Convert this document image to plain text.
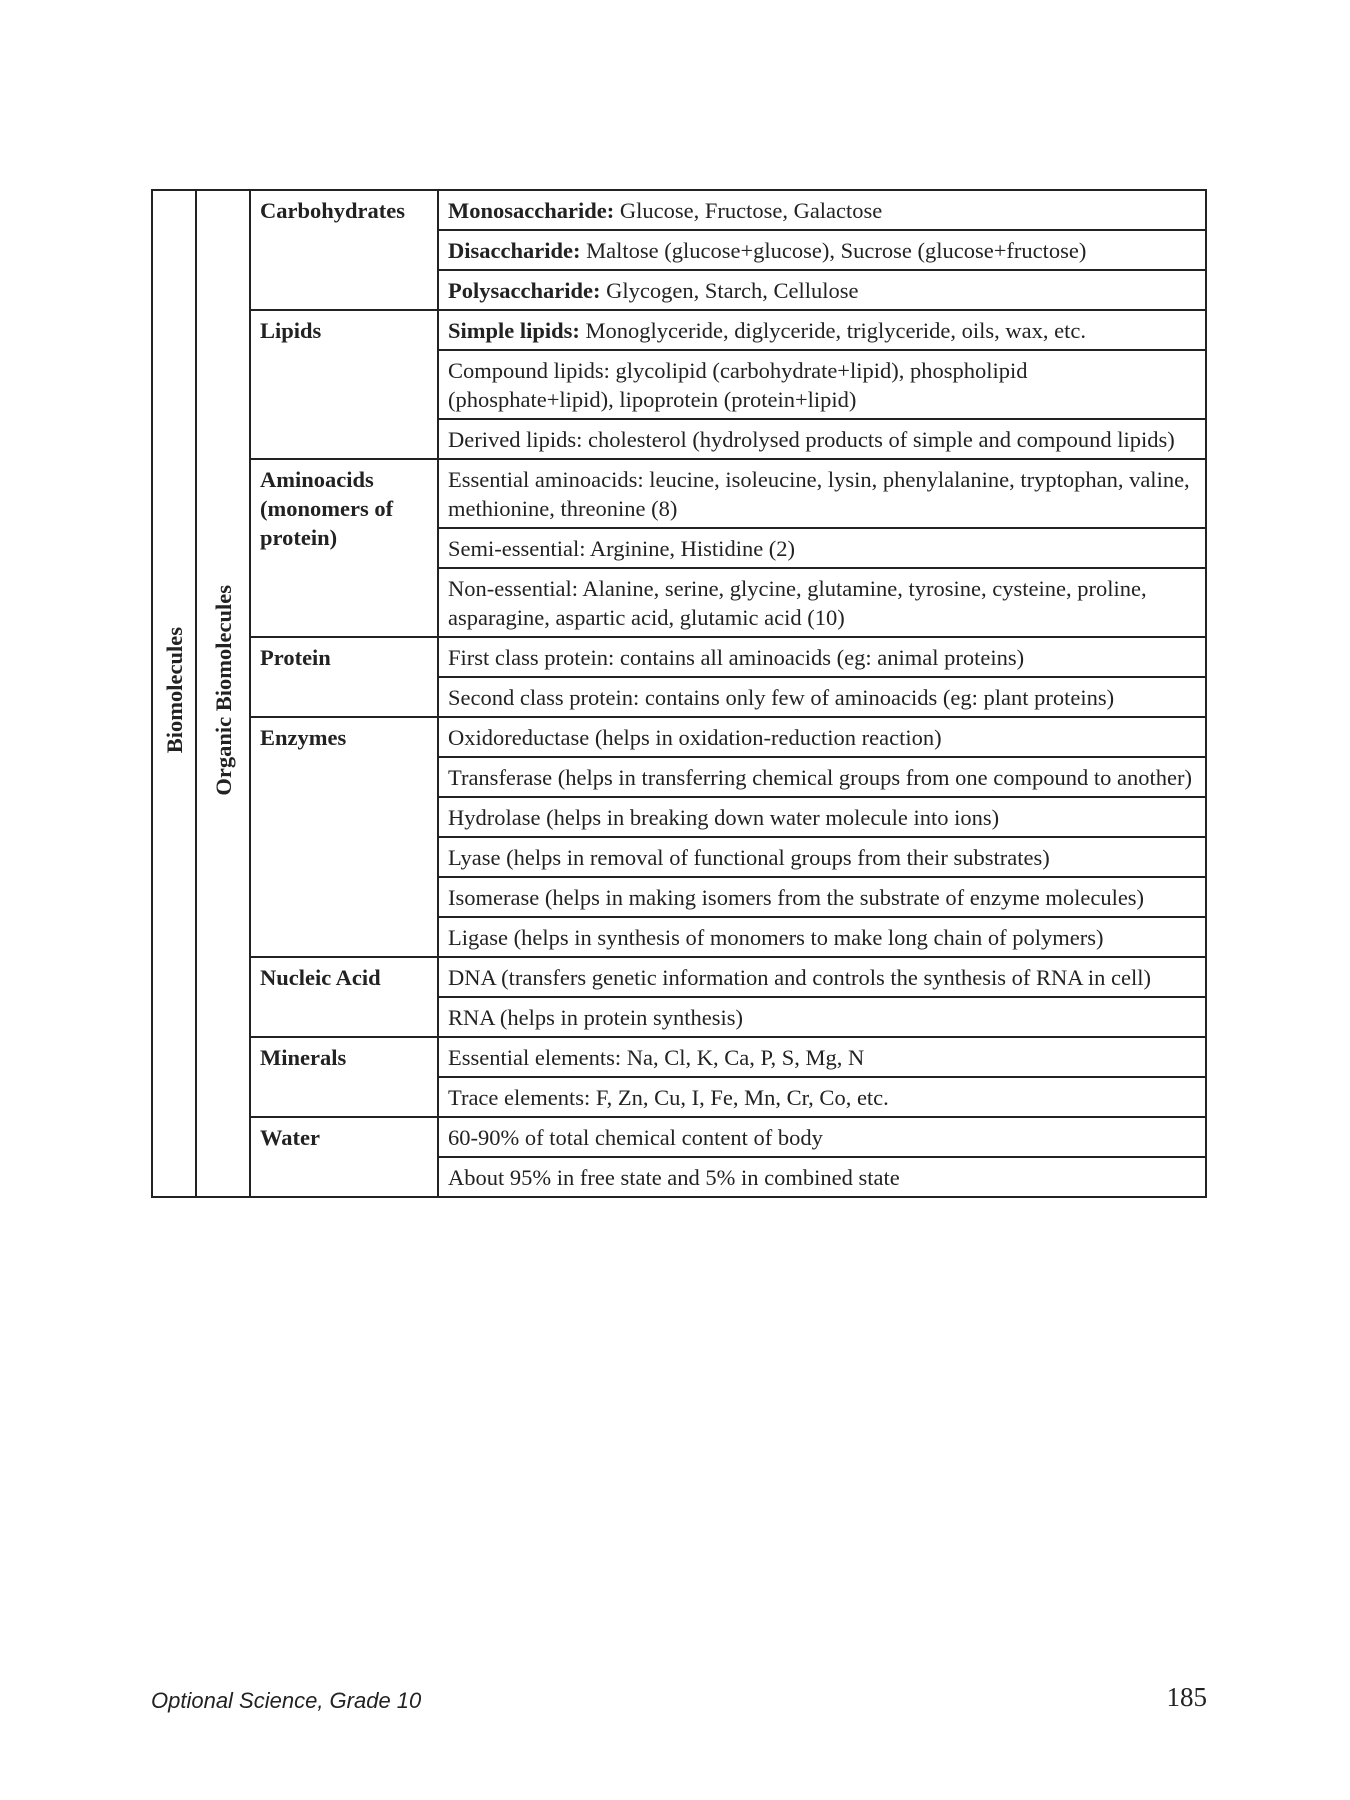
Biomolecules	Organic Biomolecules	Carbohydrates	Monosaccharide: Glucose, Fructose, Galactose
			Disaccharide: Maltose (glucose+glucose), Sucrose (glucose+fructose)
			Polysaccharide: Glycogen, Starch, Cellulose
		Lipids	Simple lipids: Monoglyceride, diglyceride, triglyceride, oils, wax, etc.
			Compound lipids: glycolipid (carbohydrate+lipid), phospholipid (phosphate+lipid), lipoprotein (protein+lipid)
			Derived lipids: cholesterol (hydrolysed products of simple and compound lipids)
		Aminoacids (monomers of protein)	Essential aminoacids: leucine, isoleucine, lysin, phenylalanine, tryptophan, valine, methionine, threonine (8)
			Semi-essential: Arginine, Histidine (2)
			Non-essential: Alanine, serine, glycine, glutamine, tyrosine, cysteine, proline, asparagine, aspartic acid, glutamic acid (10)
		Protein	First class protein: contains all aminoacids (eg: animal proteins)
			Second class protein: contains only few of aminoacids (eg: plant proteins)
		Enzymes	Oxidoreductase (helps in oxidation-reduction reaction)
			Transferase (helps in transferring chemical groups from one compound to another)
			Hydrolase (helps in breaking down water molecule into ions)
			Lyase (helps in removal of functional groups from their substrates)
			Isomerase (helps in making isomers from the substrate of enzyme molecules)
			Ligase (helps in synthesis of monomers to make long chain of polymers)
		Nucleic Acid	DNA (transfers genetic information and controls the synthesis of RNA in cell)
			RNA (helps in protein synthesis)
		Minerals	Essential elements: Na, Cl, K, Ca, P, S, Mg, N
			Trace elements: F, Zn, Cu, I, Fe, Mn, Cr, Co, etc.
		Water	60-90% of total chemical content of body
			About 95% in free state and 5% in combined state
Optional Science, Grade 10	185
